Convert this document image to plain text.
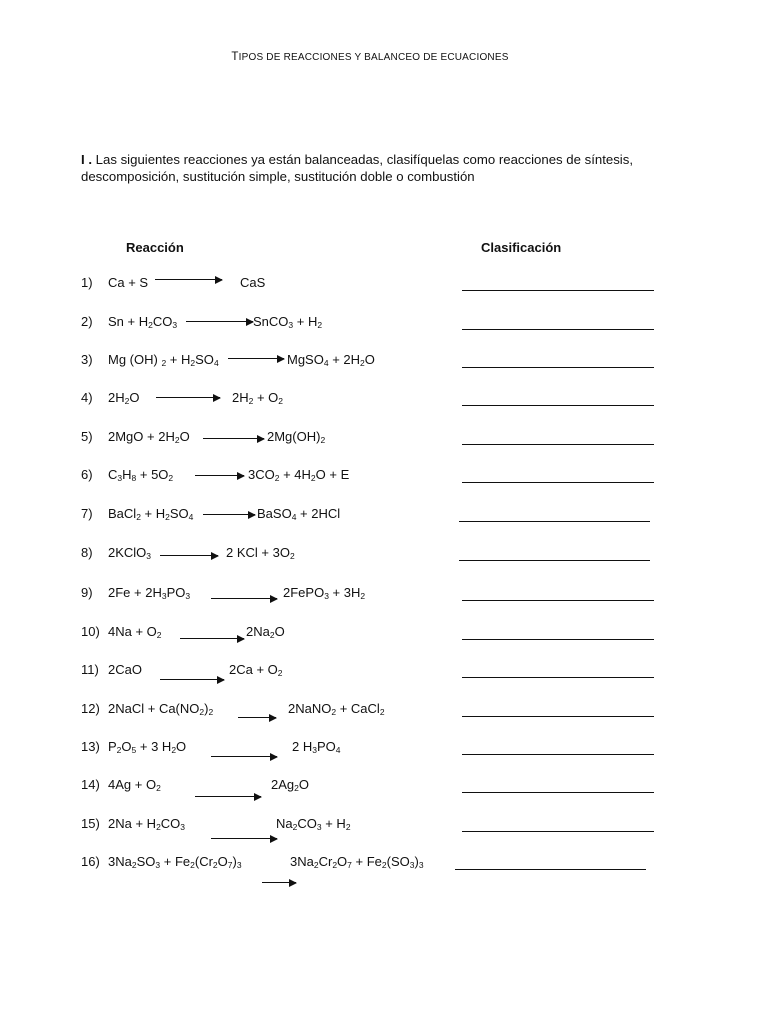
TIPOS DE REACCIONES Y BALANCEO DE ECUACIONES
I . Las siguientes reacciones ya están balanceadas, clasifíquelas como reacciones de síntesis, descomposición, sustitución simple, sustitución doble o combustión
Reacción	Clasificación
1) Ca + S	CaS
2) $Sn + H_2CO_3$	SnCO$_3$ + $H_2$
3) Mg (OH) $_2 + H_2SO_4$	MgSO$_4$ + $2H_2O$
4) $2H_2O$	$2H_2 + O_2$
5) $2MgO + 2H_2O$	$2Mg(OH)_2$
6) $C_3H_8 + 5O_2 \to 3CO_2 + 4H_2O + E$
7) BaCl$_2$ + $H_2SO_4$ → BaSO$_4$ + 2HCl
8) 2KClO$_3$	2 KCl + $3O_2$
9) $2Fe + 2H_3PO_3$	2FePO$_3$ + $3H_2$
10) $4Na + O_2$	$2Na_2O$
11) 2CaO	$2Ca + O_2$
12) 2NaCl + $Ca(NO_2)_2$	2NaNO$_2$ + CaCl$_2$
13) $P_2O_5 + 3$ $H_2O$	2 $H_3PO_4$
14) $4Ag + O_2$	$2Ag_2O$
15) $2Na + H_2CO_3$	$Na_2CO_3 + H_2$
16) $3Na_2SO_3 + Fe_2(Cr_2O_7)_3$	$3Na_2Cr_2O_7 + Fe_2(SO_3)_3$
